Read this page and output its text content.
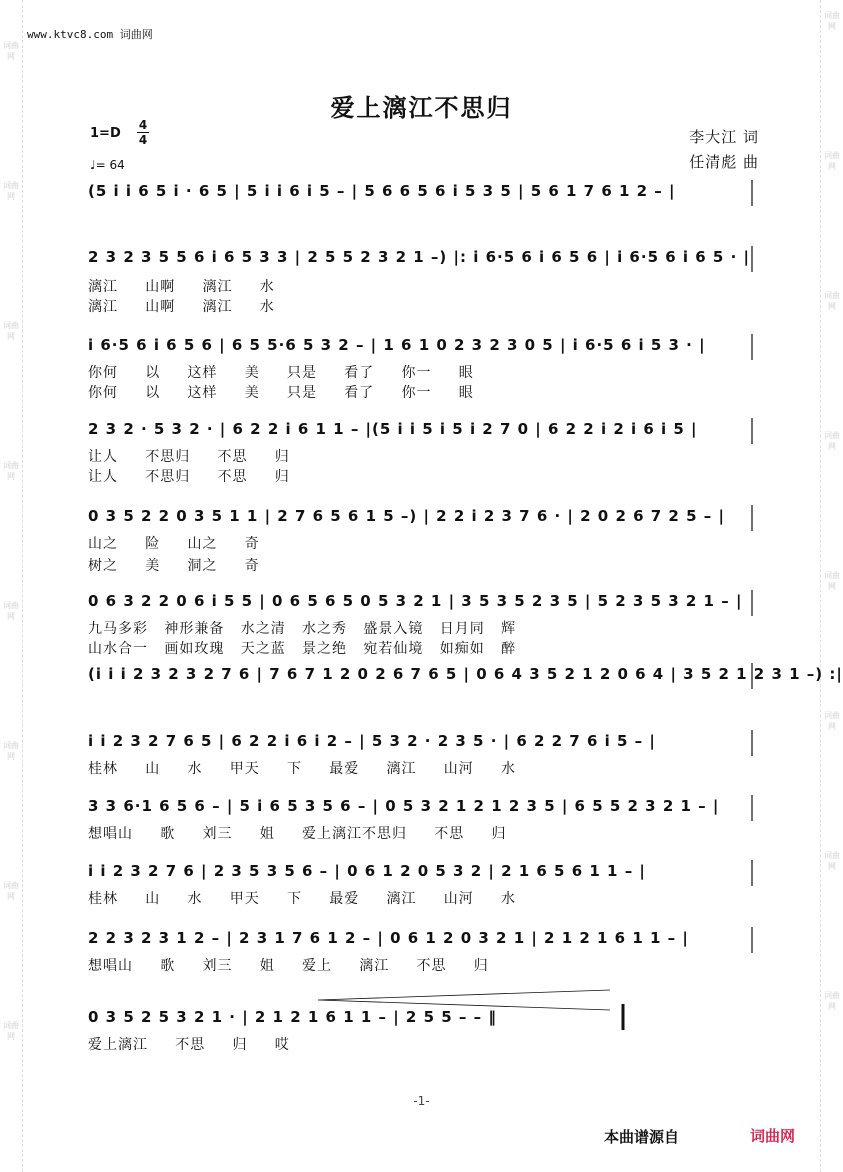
词曲网
词曲网
词曲网
词曲网
词曲网
词曲网
词曲网
词曲网
词曲网
词曲网
词曲网
词曲网
词曲网
词曲网
词曲网
词曲网
www.ktvc8.com 词曲网
爱上漓江不思归
1=D
4
4
♩= 64
李大江 词
任清彪 曲
(5 i i 6 5 i · 6 5 | 5 i i 6 i 5 – | 5 6 6 5 6 i 5 3 5 | 5 6 1 7 6 1 2 – |
2 3 2 3 5 5 6 i 6 5 3 3 | 2 5 5 2 3 2 1 –) |: i 6·5 6 i 6 5 6 | i 6·5 6 i 6 5 · |
漓江     山啊     漓江     水
漓江     山啊     漓江     水
i 6·5 6 i 6 5 6 | 6 5 5·6 5 3 2 – | 1 6 1 0 2 3 2 3 0 5 | i 6·5 6 i 5 3 · |
你何     以     这样     美     只是     看了     你一     眼
你何     以     这样     美     只是     看了     你一     眼
2 3 2 · 5 3 2 · | 6 2 2 i 6 1 1 – |(5 i i 5 i 5 i 2 7 0 | 6 2 2 i 2 i 6 i 5 |
让人     不思归     不思     归
让人     不思归     不思     归
0 3 5 2 2 0 3 5 1 1 | 2 7 6 5 6 1 5 –) | 2 2 i 2 3 7 6 · | 2 0 2 6 7 2 5 – |
山之     险     山之     奇
树之     美     洞之     奇
0 6 3 2 2 0 6 i 5 5 | 0 6 5 6 5 0 5 3 2 1 | 3 5 3 5 2 3 5 | 5 2 3 5 3 2 1 – |
九马多彩   神形兼备   水之清   水之秀   盛景入镜   日月同   辉
山水合一   画如玫瑰   天之蓝   景之绝   宛若仙境   如痴如   醉
(i i i 2 3 2 3 2 7 6 | 7 6 7 1 2 0 2 6 7 6 5 | 0 6 4 3 5 2 1 2 0 6 4 | 3 5 2 1 2 3 1 –) :|
i i 2 3 2 7 6 5 | 6 2 2 i 6 i 2 – | 5 3 2 · 2 3 5 · | 6 2 2 7 6 i 5 – |
桂林     山     水     甲天     下     最爱     漓江     山河     水
3 3 6·1 6 5 6 – | 5 i 6 5 3 5 6 – | 0 5 3 2 1 2 1 2 3 5 | 6 5 5 2 3 2 1 – |
想唱山     歌     刘三     姐     爱上漓江不思归     不思     归
i i 2 3 2 7 6 | 2 3 5 3 5 6 – | 0 6 1 2 0 5 3 2 | 2 1 6 5 6 1 1 – |
桂林     山     水     甲天     下     最爱     漓江     山河     水
2 2 3 2 3 1 2 – | 2 3 1 7 6 1 2 – | 0 6 1 2 0 3 2 1 | 2 1 2 1 6 1 1 – |
想唱山     歌     刘三     姐     爱上     漓江     不思     归
0 3 5 2 5 3 2 1 · | 2 1 2 1 6 1 1 – | 2 5 5 – – ‖
爱上漓江     不思     归     哎
-1-
本曲谱源自	词曲网
